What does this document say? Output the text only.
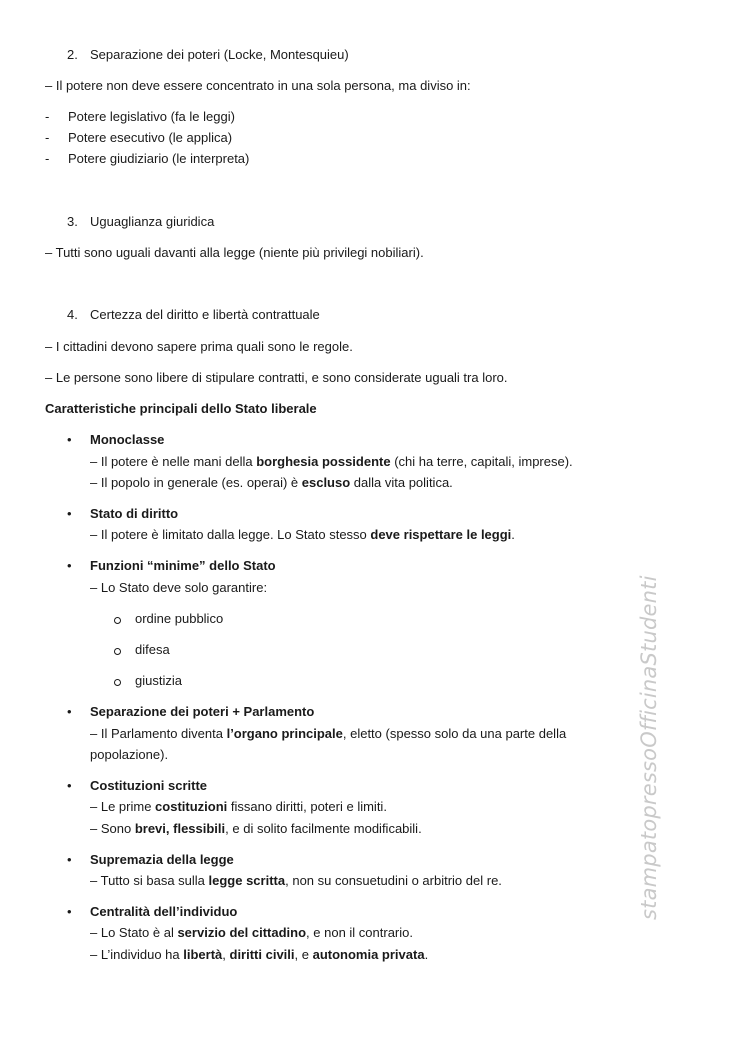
2. Separazione dei poteri (Locke, Montesquieu)
– Il potere non deve essere concentrato in una sola persona, ma diviso in:
- Potere legislativo (fa le leggi)
- Potere esecutivo (le applica)
- Potere giudiziario (le interpreta)
3. Uguaglianza giuridica
– Tutti sono uguali davanti alla legge (niente più privilegi nobiliari).
4. Certezza del diritto e libertà contrattuale
– I cittadini devono sapere prima quali sono le regole.
– Le persone sono libere di stipulare contratti, e sono considerate uguali tra loro.
Caratteristiche principali dello Stato liberale
• Monoclasse
– Il potere è nelle mani della borghesia possidente (chi ha terre, capitali, imprese).
– Il popolo in generale (es. operai) è escluso dalla vita politica.
• Stato di diritto
– Il potere è limitato dalla legge. Lo Stato stesso deve rispettare le leggi.
• Funzioni “minime” dello Stato
– Lo Stato deve solo garantire:
ordine pubblico
difesa
giustizia
• Separazione dei poteri + Parlamento
– Il Parlamento diventa l’organo principale, eletto (spesso solo da una parte della
popolazione).
• Costituzioni scritte
– Le prime costituzioni fissano diritti, poteri e limiti.
– Sono brevi, flessibili, e di solito facilmente modificabili.
• Supremazia della legge
– Tutto si basa sulla legge scritta, non su consuetudini o arbitrio del re.
• Centralità dell’individuo
– Lo Stato è al servizio del cittadino, e non il contrario.
– L’individuo ha libertà, diritti civili, e autonomia privata.
stampatopressoOfficinaStudenti
